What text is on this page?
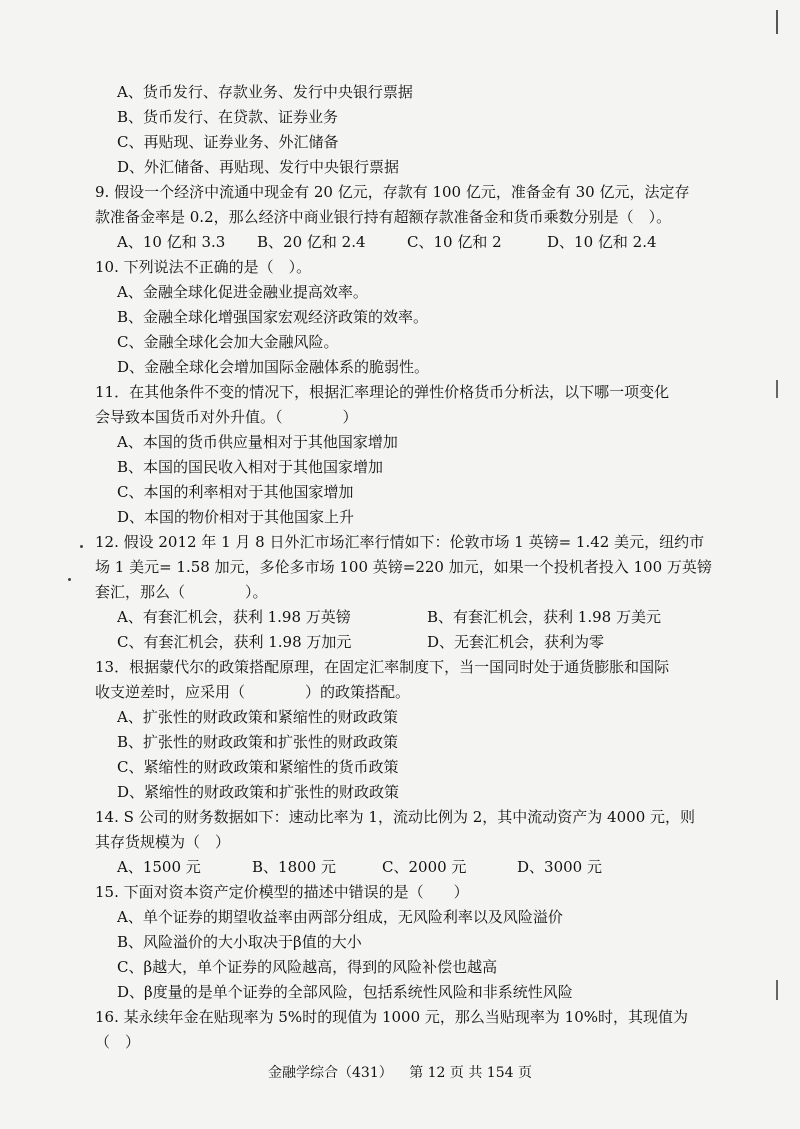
A、货币发行、存款业务、发行中央银行票据
B、货币发行、在贷款、证券业务
C、再贴现、证券业务、外汇储备
D、外汇储备、再贴现、发行中央银行票据
9. 假设一个经济中流通中现金有 20 亿元，存款有 100 亿元，准备金有 30 亿元，法定存
款准备金率是 0.2，那么经济中商业银行持有超额存款准备金和货币乘数分别是（　）。
A、10 亿和 3.3	B、20 亿和 2.4	C、10 亿和 2	D、10 亿和 2.4
10. 下列说法不正确的是（　）。
A、金融全球化促进金融业提高效率。
B、金融全球化增强国家宏观经济政策的效率。
C、金融全球化会加大金融风险。
D、金融全球化会增加国际金融体系的脆弱性。
11．在其他条件不变的情况下，根据汇率理论的弹性价格货币分析法，以下哪一项变化
会导致本国货币对外升值。（　　　　）
A、本国的货币供应量相对于其他国家增加
B、本国的国民收入相对于其他国家增加
C、本国的利率相对于其他国家增加
D、本国的物价相对于其他国家上升
12. 假设 2012 年 1 月 8 日外汇市场汇率行情如下：伦敦市场 1 英镑= 1.42 美元，纽约市
场 1 美元= 1.58 加元，多伦多市场 100 英镑=220 加元，如果一个投机者投入 100 万英镑
套汇，那么（　　　　）。
A、有套汇机会，获利 1.98 万英镑	B、有套汇机会，获利 1.98 万美元
C、有套汇机会，获利 1.98 万加元	D、无套汇机会，获利为零
13．根据蒙代尔的政策搭配原理，在固定汇率制度下，当一国同时处于通货膨胀和国际
收支逆差时，应采用（　　　　）的政策搭配。
A、扩张性的财政政策和紧缩性的财政政策
B、扩张性的财政政策和扩张性的财政政策
C、紧缩性的财政政策和紧缩性的货币政策
D、紧缩性的财政政策和扩张性的财政政策
14. S 公司的财务数据如下：速动比率为 1，流动比例为 2，其中流动资产为 4000 元，则
其存货规模为（　）
A、1500 元	B、1800 元	C、2000 元	D、3000 元
15. 下面对资本资产定价模型的描述中错误的是（　　）
A、单个证券的期望收益率由两部分组成，无风险利率以及风险溢价
B、风险溢价的大小取决于β值的大小
C、β越大，单个证券的风险越高，得到的风险补偿也越高
D、β度量的是单个证券的全部风险，包括系统性风险和非系统性风险
16. 某永续年金在贴现率为 5%时的现值为 1000 元，那么当贴现率为 10%时，其现值为
（　）
金融学综合（431） 第 12 页 共 154 页
